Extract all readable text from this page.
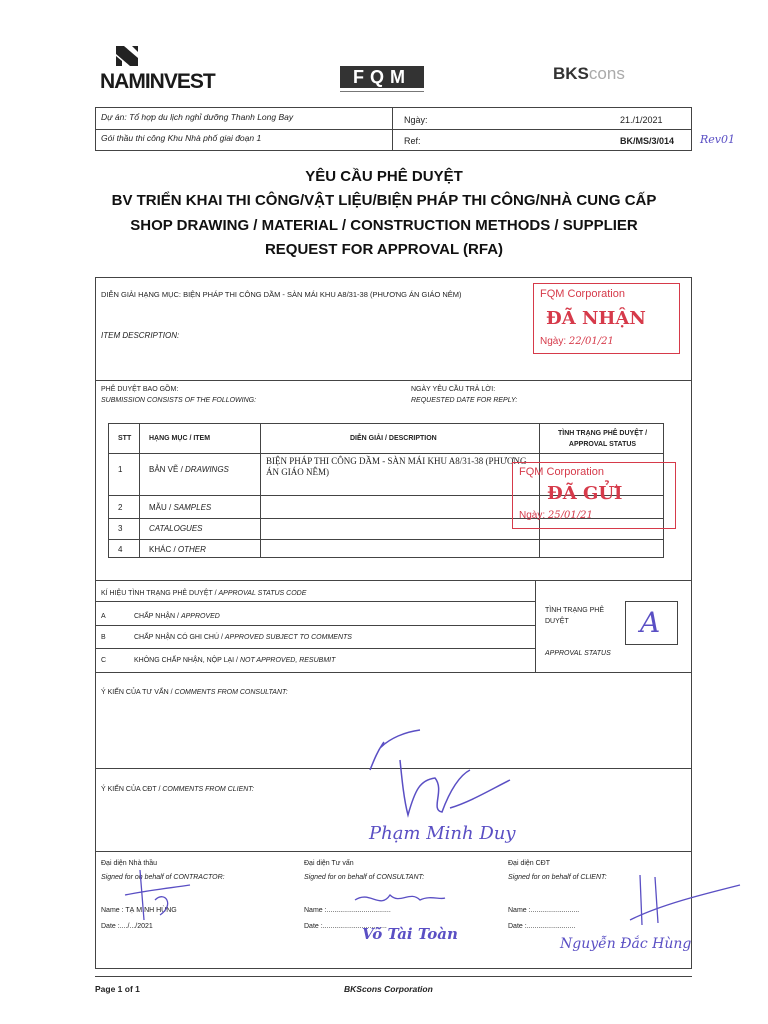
NAMINVEST	FQM	BKScons
Dự án: Tổ hợp du lịch nghỉ dưỡng Thanh Long Bay
Gói thầu thi công Khu Nhà phố giai đoạn 1
Ngày:	21./1/2021
Ref:	BK/MS/3/014 Rev01
YÊU CẦU PHÊ DUYỆT
BV TRIỂN KHAI THI CÔNG/VẬT LIỆU/BIỆN PHÁP THI CÔNG/NHÀ CUNG CẤP
SHOP DRAWING / MATERIAL / CONSTRUCTION METHODS / SUPPLIER
REQUEST FOR APPROVAL (RFA)
DIỄN GIẢI HẠNG MỤC: BIỆN PHÁP THI CÔNG DẦM - SÀN MÁI KHU A8/31-38 (PHƯƠNG ÁN GIÁO NÊM)
ITEM DESCRIPTION:
FQM Corporation
ĐÃ NHẬN
Ngày: 22/01/21
PHÊ DUYỆT BAO GỒM:
SUBMISSION CONSISTS OF THE FOLLOWING:
NGÀY YÊU CẦU TRẢ LỜI:
REQUESTED DATE FOR REPLY:
STT	HẠNG MỤC / ITEM	DIỄN GIẢI / DESCRIPTION
TÌNH TRẠNG PHÊ DUYỆT / APPROVAL STATUS
1	BẢN VẼ / DRAWINGS
BIỆN PHÁP THI CÔNG DẦM - SÀN MÁI KHU A8/31-38 (PHƯƠNG ÁN GIÁO NÊM)
2	MẪU / SAMPLES
3	CATALOGUES
4	KHÁC / OTHER
FQM Corporation
ĐÃ GỬI
Ngày: 25/01/21
KÍ HIỆU TÌNH TRẠNG PHÊ DUYỆT / APPROVAL STATUS CODE
A	CHẤP NHẬN / APPROVED
B	CHẤP NHẬN CÓ GHI CHÚ / APPROVED SUBJECT TO COMMENTS
C	KHÔNG CHẤP NHẬN, NỘP LẠI / NOT APPROVED, RESUBMIT
TÌNH TRẠNG PHÊ DUYỆT
APPROVAL STATUS
A
Ý KIẾN CỦA TƯ VẤN / COMMENTS FROM CONSULTANT:
Ý KIẾN CỦA CĐT / COMMENTS FROM CLIENT:
Phạm Minh Duy
Đại diện Nhà thầu
Signed for on behalf of CONTRACTOR:
Name : TẠ MINH HÙNG
Date :..../.../2021
Đại diện Tư vấn
Signed for on behalf of CONSULTANT:
Name :.................................
Date :.................................
Võ Tài Toàn
Đại diện CĐT
Signed for on behalf of CLIENT:
Name :.........................
Date :.........................
Nguyễn Đắc Hùng
Page 1 of 1	BKScons Corporation
